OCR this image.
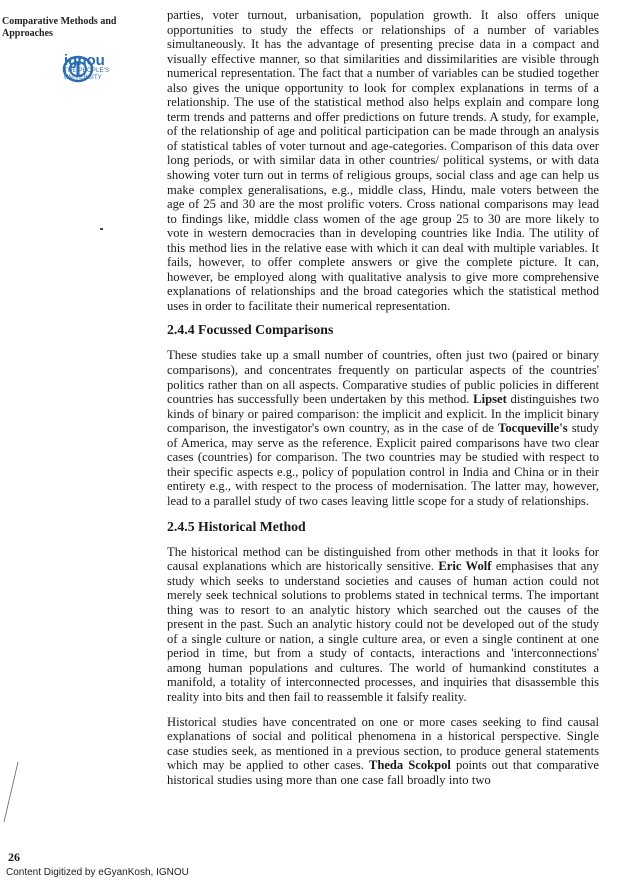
Comparative Methods and
Approaches
ignou
THE PEOPLE'S
UNIVERSITY

parties, voter turnout, urbanisation, population growth. It also offers unique opportunities to study the effects or relationships of a number of variables simultaneously. It has the advantage of presenting precise data in a compact and visually effective manner, so that similarities and dissimilarities are visible through numerical representation. The fact that a number of variables can be studied together also gives the unique opportunity to look for complex explanations in terms of a relationship. The use of the statistical method also helps explain and compare long term trends and patterns and offer predictions on future trends. A study, for example, of the relationship of age and political participation can be made through an analysis of statistical tables of voter turnout and age-categories. Comparison of this data over long periods, or with similar data in other countries/ political systems, or with data showing voter turn out in terms of religious groups, social class and age can help us make complex generalisations, e.g., middle class, Hindu, male voters between the age of 25 and 30 are the most prolific voters. Cross national comparisons may lead to findings like, middle class women of the age group 25 to 30 are more likely to vote in western democracies than in developing countries like India. The utility of this method lies in the relative ease with which it can deal with multiple variables. It fails, however, to offer complete answers or give the complete picture. It can, however, be employed along with qualitative analysis to give more comprehensive explanations of relationships and the broad categories which the statistical method uses in order to facilitate their numerical representation.

2.4.4 Focussed Comparisons

These studies take up a small number of countries, often just two (paired or binary comparisons), and concentrates frequently on particular aspects of the countries' politics rather than on all aspects. Comparative studies of public policies in different countries has successfully been undertaken by this method. Lipset distinguishes two kinds of binary or paired comparison: the implicit and explicit. In the implicit binary comparison, the investigator's own country, as in the case of de Tocqueville's study of America, may serve as the reference. Explicit paired comparisons have two clear cases (countries) for comparison. The two countries may be studied with respect to their specific aspects e.g., policy of population control in India and China or in their entirety e.g., with respect to the process of modernisation. The latter may, however, lead to a parallel study of two cases leaving little scope for a study of relationships.

2.4.5 Historical Method

The historical method can be distinguished from other methods in that it looks for causal explanations which are historically sensitive. Eric Wolf emphasises that any study which seeks to understand societies and causes of human action could not merely seek technical solutions to problems stated in technical terms. The important thing was to resort to an analytic history which searched out the causes of the present in the past. Such an analytic history could not be developed out of the study of a single culture or nation, a single culture area, or even a single continent at one period in time, but from a study of contacts, interactions and 'interconnections' among human populations and cultures. The world of humankind constitutes a manifold, a totality of interconnected processes, and inquiries that disassemble this reality into bits and then fail to reassemble it falsify reality.

Historical studies have concentrated on one or more cases seeking to find causal explanations of social and political phenomena in a historical perspective. Single case studies seek, as mentioned in a previous section, to produce general statements which may be applied to other cases. Theda Scokpol points out that comparative historical studies using more than one case fall broadly into two

26
Content Digitized by eGyanKosh, IGNOU
